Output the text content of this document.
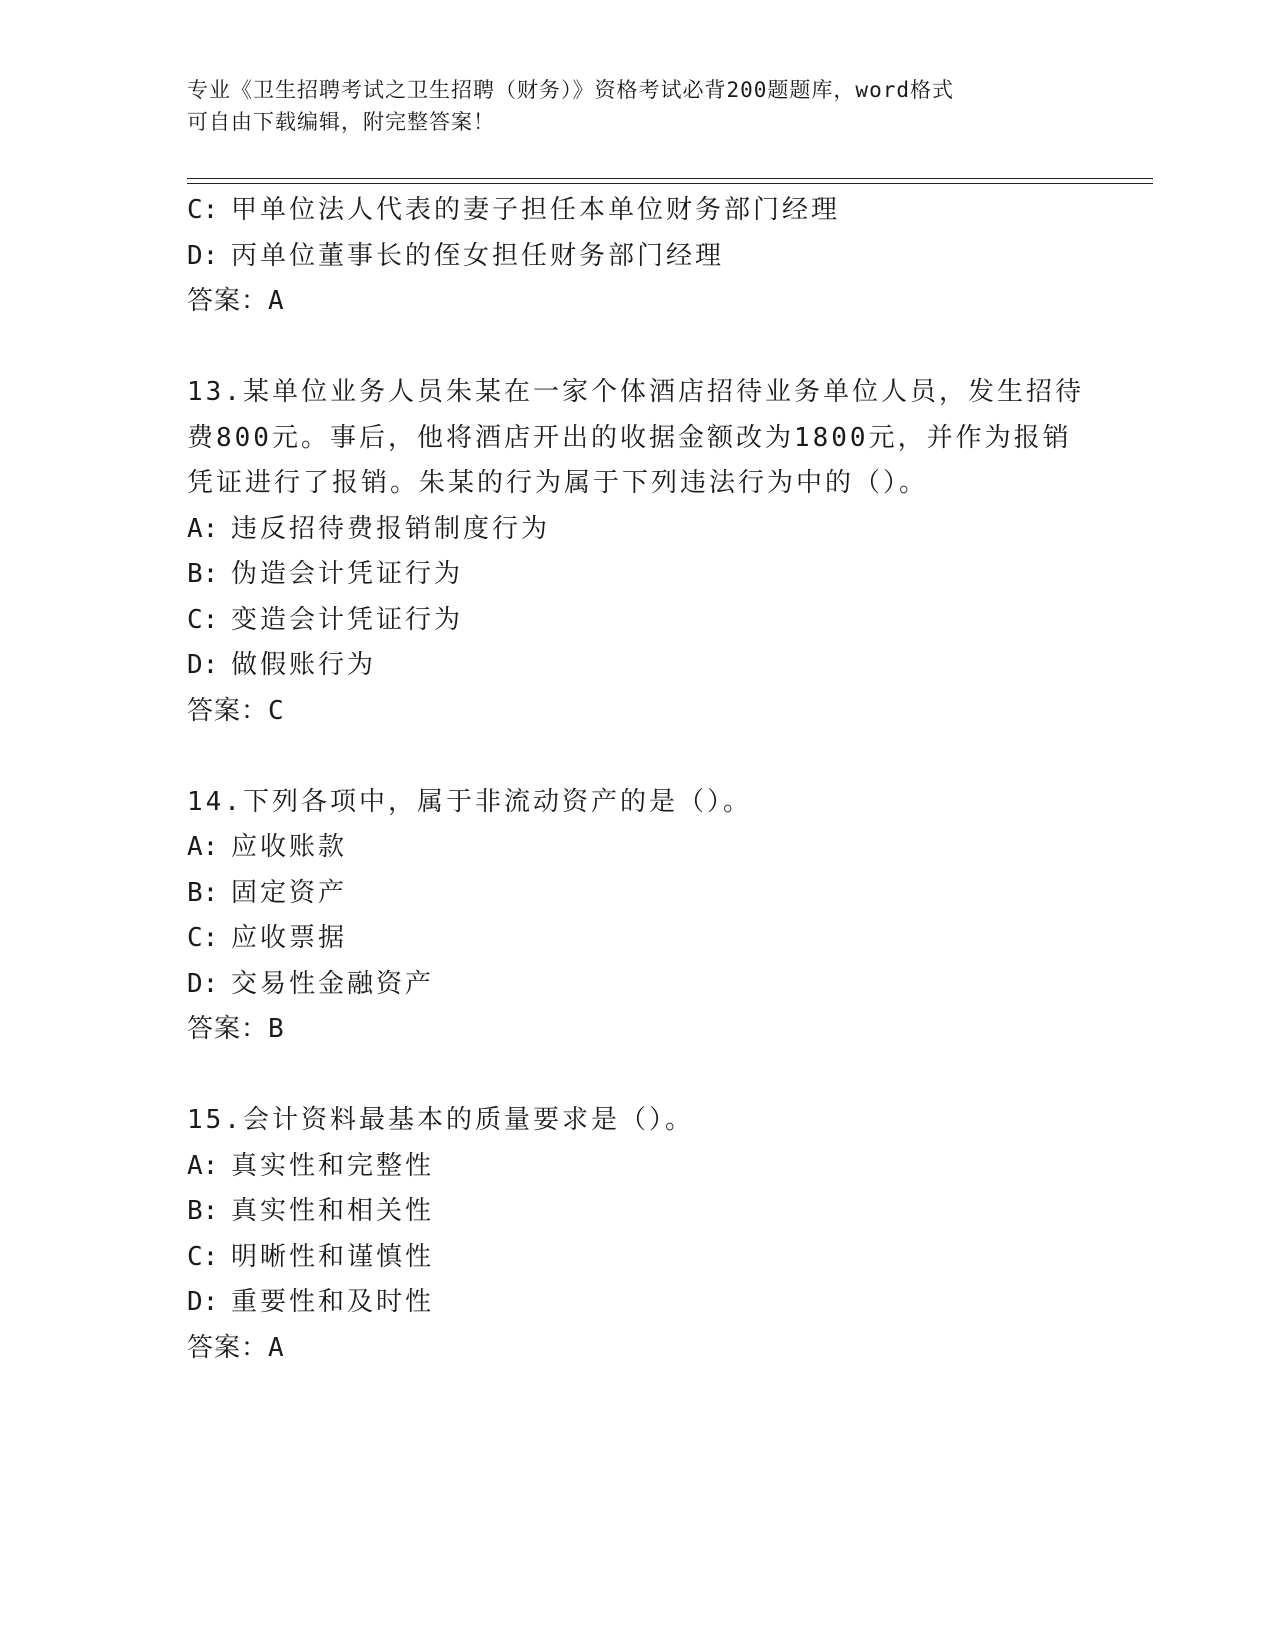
专业《卫生招聘考试之卫生招聘（财务）》资格考试必背200题题库，word格式
可自由下载编辑，附完整答案！
C: 甲单位法人代表的妻子担任本单位财务部门经理
D: 丙单位董事长的侄女担任财务部门经理
答案：A
13.某单位业务人员朱某在一家个体酒店招待业务单位人员，发生招待
费800元。事后，他将酒店开出的收据金额改为1800元，并作为报销
凭证进行了报销。朱某的行为属于下列违法行为中的（）。
A: 违反招待费报销制度行为
B: 伪造会计凭证行为
C: 变造会计凭证行为
D: 做假账行为
答案：C
14.下列各项中，属于非流动资产的是（）。
A: 应收账款
B: 固定资产
C: 应收票据
D: 交易性金融资产
答案：B
15.会计资料最基本的质量要求是（）。
A: 真实性和完整性
B: 真实性和相关性
C: 明晰性和谨慎性
D: 重要性和及时性
答案：A
